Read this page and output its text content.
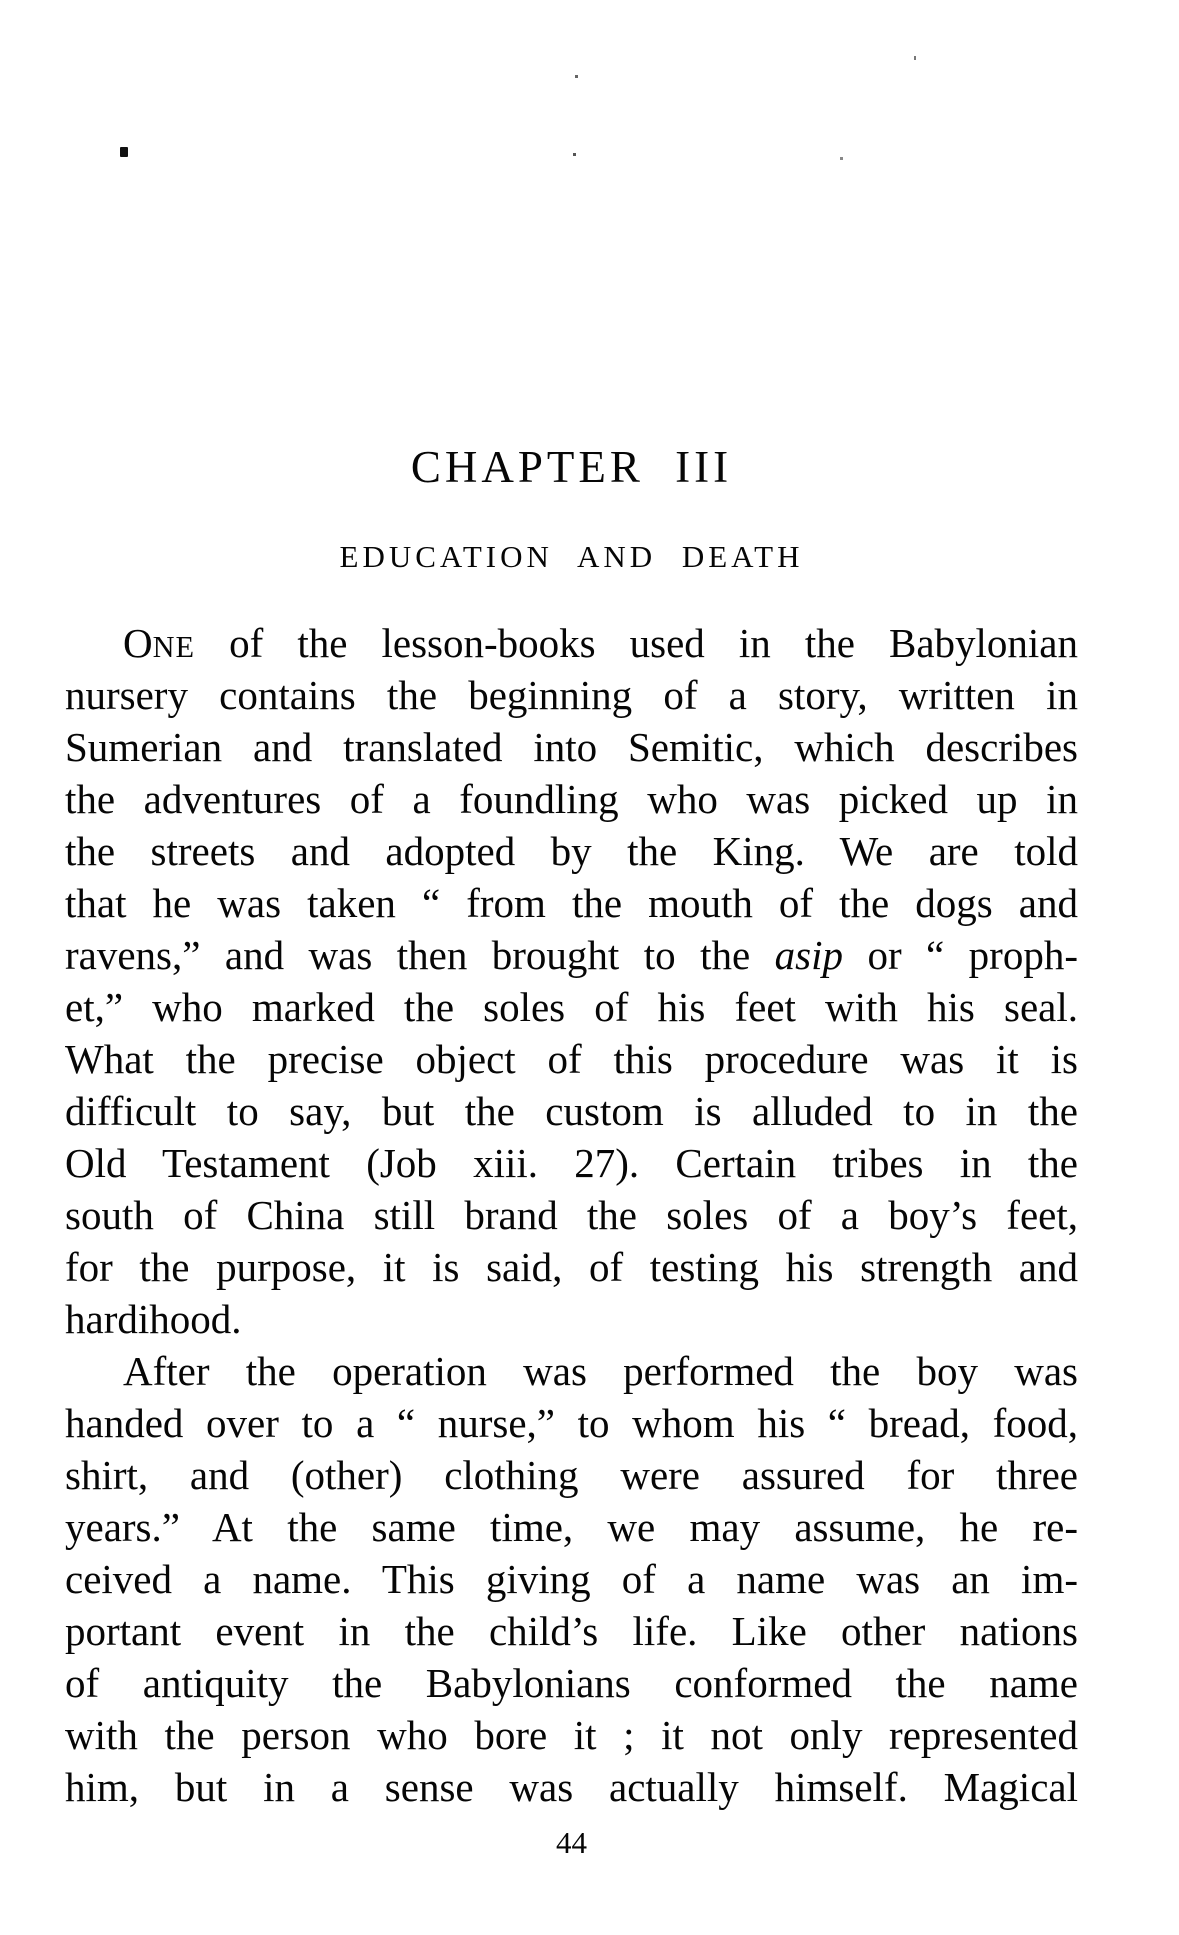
CHAPTER III
EDUCATION AND DEATH
ONE of the lesson-books used in the Babylonian
nursery contains the beginning of a story, written in
Sumerian and translated into Semitic, which describes
the adventures of a foundling who was picked up in
the streets and adopted by the King. We are told
that he was taken “ from the mouth of the dogs and
ravens,” and was then brought to the asip or “ proph-
et,” who marked the soles of his feet with his seal.
What the precise object of this procedure was it is
difficult to say, but the custom is alluded to in the
Old Testament (Job xiii. 27). Certain tribes in the
south of China still brand the soles of a boy’s feet,
for the purpose, it is said, of testing his strength and
hardihood.
After the operation was performed the boy was
handed over to a “ nurse,” to whom his “ bread, food,
shirt, and (other) clothing were assured for three
years.” At the same time, we may assume, he re-
ceived a name. This giving of a name was an im-
portant event in the child’s life. Like other nations
of antiquity the Babylonians conformed the name
with the person who bore it ; it not only represented
him, but in a sense was actually himself. Magical
44
